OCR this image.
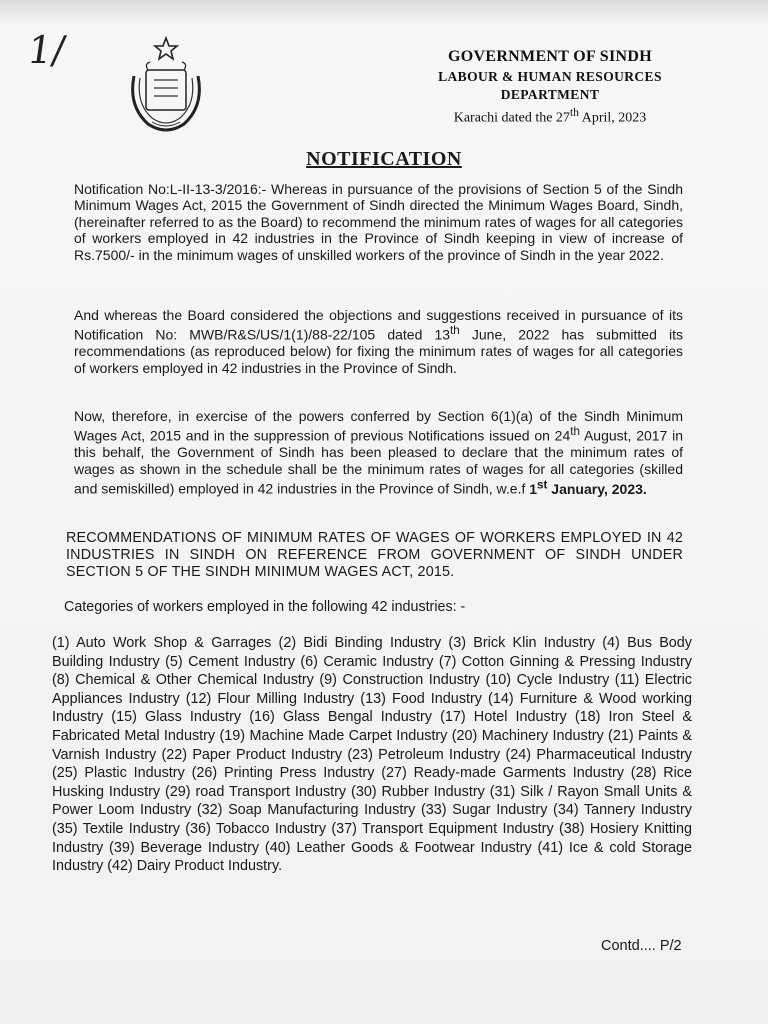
1/	GOVERNMENT OF SINDH
LABOUR & HUMAN RESOURCES
DEPARTMENT
Karachi dated the 27th April, 2023
NOTIFICATION
Notification No:L-II-13-3/2016:- Whereas in pursuance of the provisions of Section 5 of the Sindh Minimum Wages Act, 2015 the Government of Sindh directed the Minimum Wages Board, Sindh, (hereinafter referred to as the Board) to recommend the minimum rates of wages for all categories of workers employed in 42 industries in the Province of Sindh keeping in view of increase of Rs.7500/- in the minimum wages of unskilled workers of the province of Sindh in the year 2022.
And whereas the Board considered the objections and suggestions received in pursuance of its Notification No: MWB/R&S/US/1(1)/88-22/105 dated 13th June, 2022 has submitted its recommendations (as reproduced below) for fixing the minimum rates of wages for all categories of workers employed in 42 industries in the Province of Sindh.
Now, therefore, in exercise of the powers conferred by Section 6(1)(a) of the Sindh Minimum Wages Act, 2015 and in the suppression of previous Notifications issued on 24th August, 2017 in this behalf, the Government of Sindh has been pleased to declare that the minimum rates of wages as shown in the schedule shall be the minimum rates of wages for all categories (skilled and semiskilled) employed in 42 industries in the Province of Sindh, w.e.f 1st January, 2023.
RECOMMENDATIONS OF MINIMUM RATES OF WAGES OF WORKERS EMPLOYED IN 42 INDUSTRIES IN SINDH ON REFERENCE FROM GOVERNMENT OF SINDH UNDER SECTION 5 OF THE SINDH MINIMUM WAGES ACT, 2015.
Categories of workers employed in the following 42 industries: -
(1) Auto Work Shop & Garrages (2) Bidi Binding Industry (3) Brick Klin Industry (4) Bus Body Building Industry (5) Cement Industry (6) Ceramic Industry (7) Cotton Ginning & Pressing Industry (8) Chemical & Other Chemical Industry (9) Construction Industry (10) Cycle Industry (11) Electric Appliances Industry (12) Flour Milling Industry (13) Food Industry (14) Furniture & Wood working Industry (15) Glass Industry (16) Glass Bengal Industry (17) Hotel Industry (18) Iron Steel & Fabricated Metal Industry (19) Machine Made Carpet Industry (20) Machinery Industry (21) Paints & Varnish Industry (22) Paper Product Industry (23) Petroleum Industry (24) Pharmaceutical Industry (25) Plastic Industry (26) Printing Press Industry (27) Ready-made Garments Industry (28) Rice Husking Industry (29) road Transport Industry (30) Rubber Industry (31) Silk / Rayon Small Units & Power Loom Industry (32) Soap Manufacturing Industry (33) Sugar Industry (34) Tannery Industry (35) Textile Industry (36) Tobacco Industry (37) Transport Equipment Industry (38) Hosiery Knitting Industry (39) Beverage Industry (40) Leather Goods & Footwear Industry (41) Ice & cold Storage Industry (42) Dairy Product Industry.
Contd.... P/2
